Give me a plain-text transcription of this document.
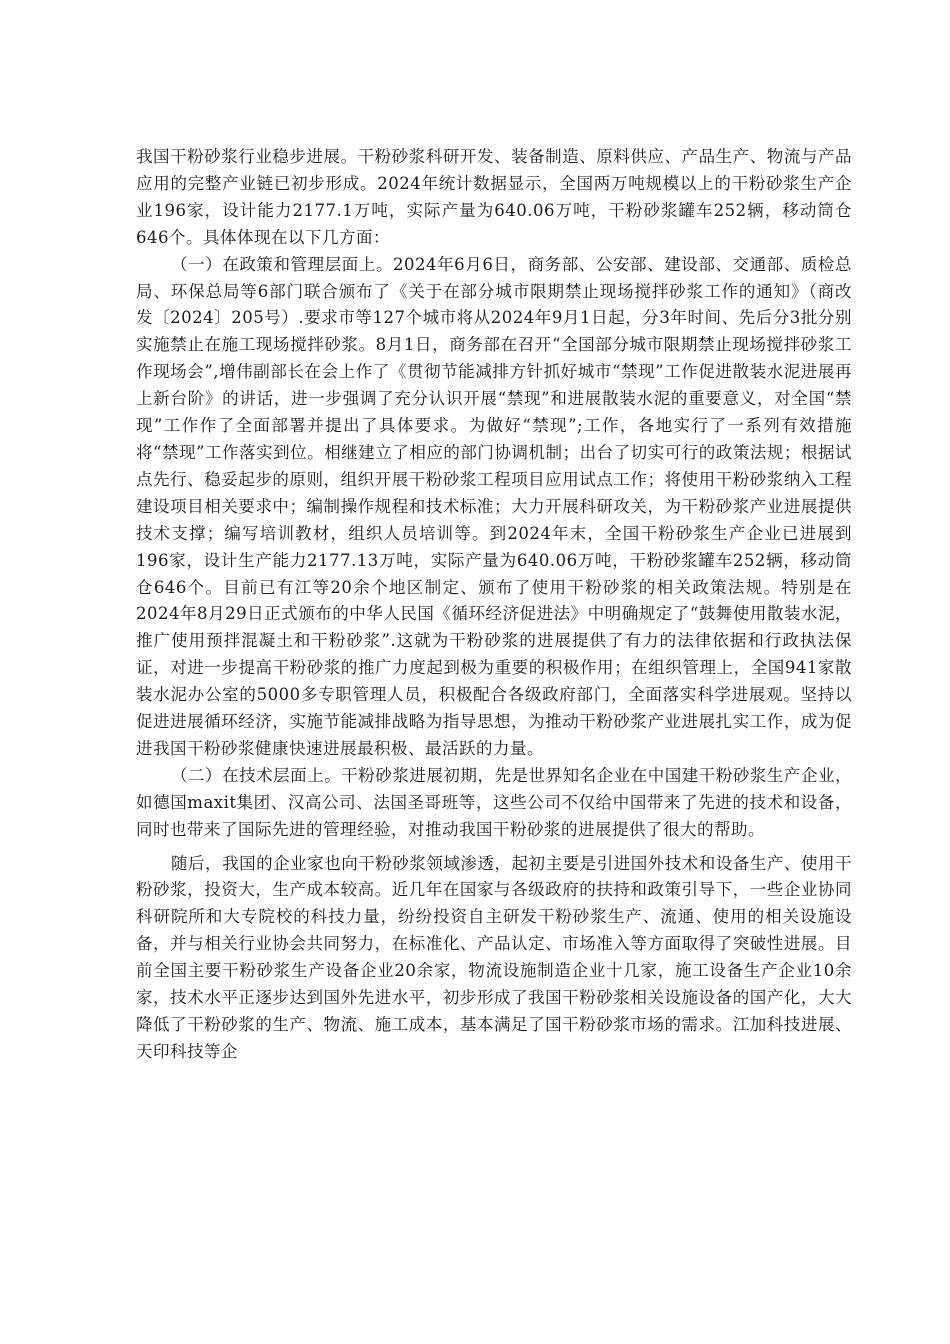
我国干粉砂浆行业稳步进展。干粉砂浆科研开发、装备制造、原料供应、产品生产、物流与产品应用的完整产业链已初步形成。2024年统计数据显示，全国两万吨规模以上的干粉砂浆生产企业196家，设计能力2177.1万吨，实际产量为640.06万吨，干粉砂浆罐车252辆，移动筒仓646个。具体体现在以下几方面：

（一）在政策和管理层面上。2024年6月6日，商务部、公安部、建设部、交通部、质检总局、环保总局等6部门联合颁布了《关于在部分城市限期禁止现场搅拌砂浆工作的通知》（商改发〔2024〕205号）.要求市等127个城市将从2024年9月1日起，分3年时间、先后分3批分别实施禁止在施工现场搅拌砂浆。8月1日，商务部在召开“全国部分城市限期禁止现场搅拌砂浆工作现场会”,增伟副部长在会上作了《贯彻节能减排方针抓好城市“禁现”工作促进散装水泥进展再上新台阶》的讲话，进一步强调了充分认识开展“禁现”和进展散装水泥的重要意义，对全国“禁现”工作作了全面部署并提出了具体要求。为做好“禁现”;工作，各地实行了一系列有效措施将“禁现”工作落实到位。相继建立了相应的部门协调机制；出台了切实可行的政策法规；根据试点先行、稳妥起步的原则，组织开展干粉砂浆工程项目应用试点工作；将使用干粉砂浆纳入工程建设项目相关要求中；编制操作规程和技术标准；大力开展科研攻关，为干粉砂浆产业进展提供技术支撑；编写培训教材，组织人员培训等。到2024年末，全国干粉砂浆生产企业已进展到196家，设计生产能力2177.13万吨，实际产量为640.06万吨，干粉砂浆罐车252辆，移动筒仓646个。目前已有江等20余个地区制定、颁布了使用干粉砂浆的相关政策法规。特别是在2024年8月29日正式颁布的中华人民国《循环经济促进法》中明确规定了“鼓舞使用散装水泥，推广使用预拌混凝土和干粉砂浆”.这就为干粉砂浆的进展提供了有力的法律依据和行政执法保证，对进一步提高干粉砂浆的推广力度起到极为重要的积极作用；在组织管理上，全国941家散装水泥办公室的5000多专职管理人员，积极配合各级政府部门，全面落实科学进展观。坚持以促进进展循环经济，实施节能减排战略为指导思想，为推动干粉砂浆产业进展扎实工作，成为促进我国干粉砂浆健康快速进展最积极、最活跃的力量。

（二）在技术层面上。干粉砂浆进展初期，先是世界知名企业在中国建干粉砂浆生产企业，如德国maxit集团、汉高公司、法国圣哥班等，这些公司不仅给中国带来了先进的技术和设备，同时也带来了国际先进的管理经验，对推动我国干粉砂浆的进展提供了很大的帮助。

随后，我国的企业家也向干粉砂浆领域渗透，起初主要是引进国外技术和设备生产、使用干粉砂浆，投资大，生产成本较高。近几年在国家与各级政府的扶持和政策引导下，一些企业协同科研院所和大专院校的科技力量，纷纷投资自主研发干粉砂浆生产、流通、使用的相关设施设备，并与相关行业协会共同努力，在标准化、产品认定、市场准入等方面取得了突破性进展。目前全国主要干粉砂浆生产设备企业20余家，物流设施制造企业十几家，施工设备生产企业10余家，技术水平正逐步达到国外先进水平，初步形成了我国干粉砂浆相关设施设备的国产化，大大降低了干粉砂浆的生产、物流、施工成本，基本满足了国干粉砂浆市场的需求。江加科技进展、天印科技等企
